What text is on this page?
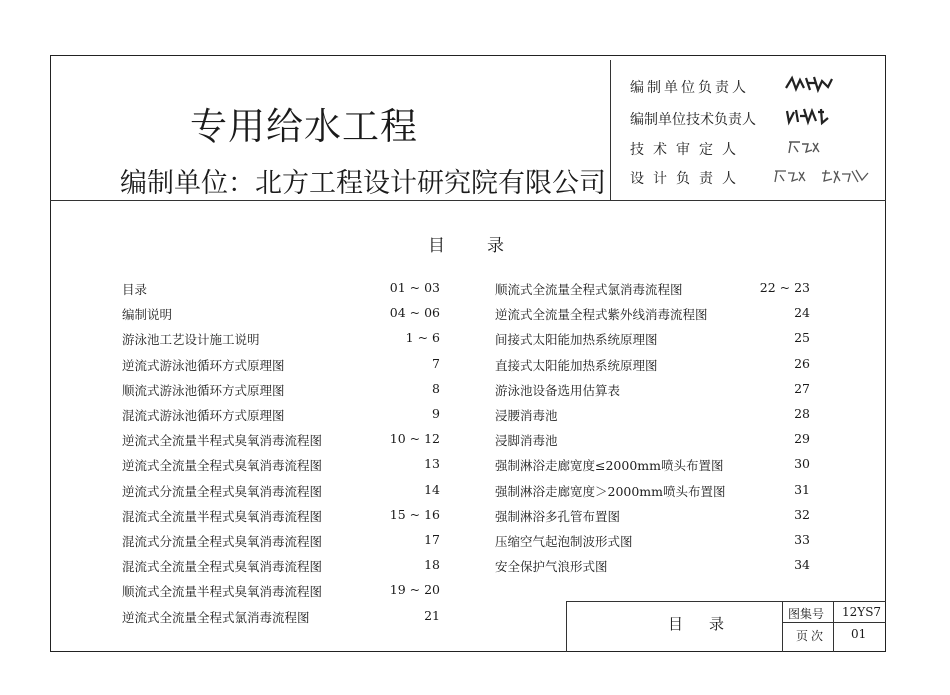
专用给水工程
编制单位：北方工程设计研究院有限公司
编制单位负责人
编制单位技术负责人
技术审定人
设计负责人
目录
目录	01 ~ 03
编制说明	04 ~ 06
游泳池工艺设计施工说明	1 ~ 6
逆流式游泳池循环方式原理图	7
顺流式游泳池循环方式原理图	8
混流式游泳池循环方式原理图	9
逆流式全流量半程式臭氧消毒流程图	10 ~ 12
逆流式全流量全程式臭氧消毒流程图	13
逆流式分流量全程式臭氧消毒流程图	14
混流式全流量半程式臭氧消毒流程图	15 ~ 16
混流式分流量全程式臭氧消毒流程图	17
混流式全流量全程式臭氧消毒流程图	18
顺流式全流量半程式臭氧消毒流程图	19 ~ 20
逆流式全流量全程式氯消毒流程图	21
顺流式全流量全程式氯消毒流程图	22 ~ 23
逆流式全流量全程式紫外线消毒流程图	24
间接式太阳能加热系统原理图	25
直接式太阳能加热系统原理图	26
游泳池设备选用估算表	27
浸腰消毒池	28
浸脚消毒池	29
强制淋浴走廊宽度≤2000mm喷头布置图	30
强制淋浴走廊宽度＞2000mm喷头布置图	31
强制淋浴多孔管布置图	32
压缩空气起泡制波形式图	33
安全保护气浪形式图	34
目录
图集号 12YS7
页次 01
